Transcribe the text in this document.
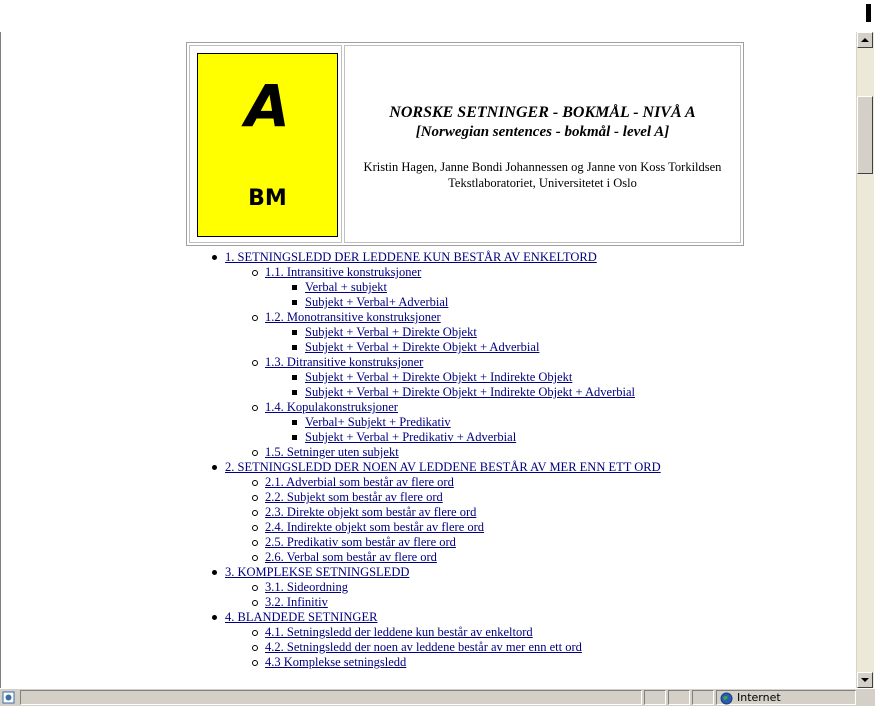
A
BM
NORSKE SETNINGER - BOKMÅL - NIVÅ A
[Norwegian sentences - bokmål - level A]
Kristin Hagen, Janne Bondi Johannessen og Janne von Koss Torkildsen
Tekstlaboratoriet, Universitetet i Oslo
1. SETNINGSLEDD DER LEDDENE KUN BESTÅR AV ENKELTORD
1.1. Intransitive konstruksjoner
Verbal + subjekt
Subjekt + Verbal+ Adverbial
1.2. Monotransitive konstruksjoner
Subjekt + Verbal + Direkte Objekt
Subjekt + Verbal + Direkte Objekt + Adverbial
1.3. Ditransitive konstruksjoner
Subjekt + Verbal + Direkte Objekt + Indirekte Objekt
Subjekt + Verbal + Direkte Objekt + Indirekte Objekt + Adverbial
1.4. Kopulakonstruksjoner
Verbal+ Subjekt + Predikativ
Subjekt + Verbal + Predikativ + Adverbial
1.5. Setninger uten subjekt
2. SETNINGSLEDD DER NOEN AV LEDDENE BESTÅR AV MER ENN ETT ORD
2.1. Adverbial som består av flere ord
2.2. Subjekt som består av flere ord
2.3. Direkte objekt som består av flere ord
2.4. Indirekte objekt som består av flere ord
2.5. Predikativ som består av flere ord
2.6. Verbal som består av flere ord
3. KOMPLEKSE SETNINGSLEDD
3.1. Sideordning
3.2. Infinitiv
4. BLANDEDE SETNINGER
4.1. Setningsledd der leddene kun består av enkeltord
4.2. Setningsledd der noen av leddene består av mer enn ett ord
4.3 Komplekse setningsledd
Internet
